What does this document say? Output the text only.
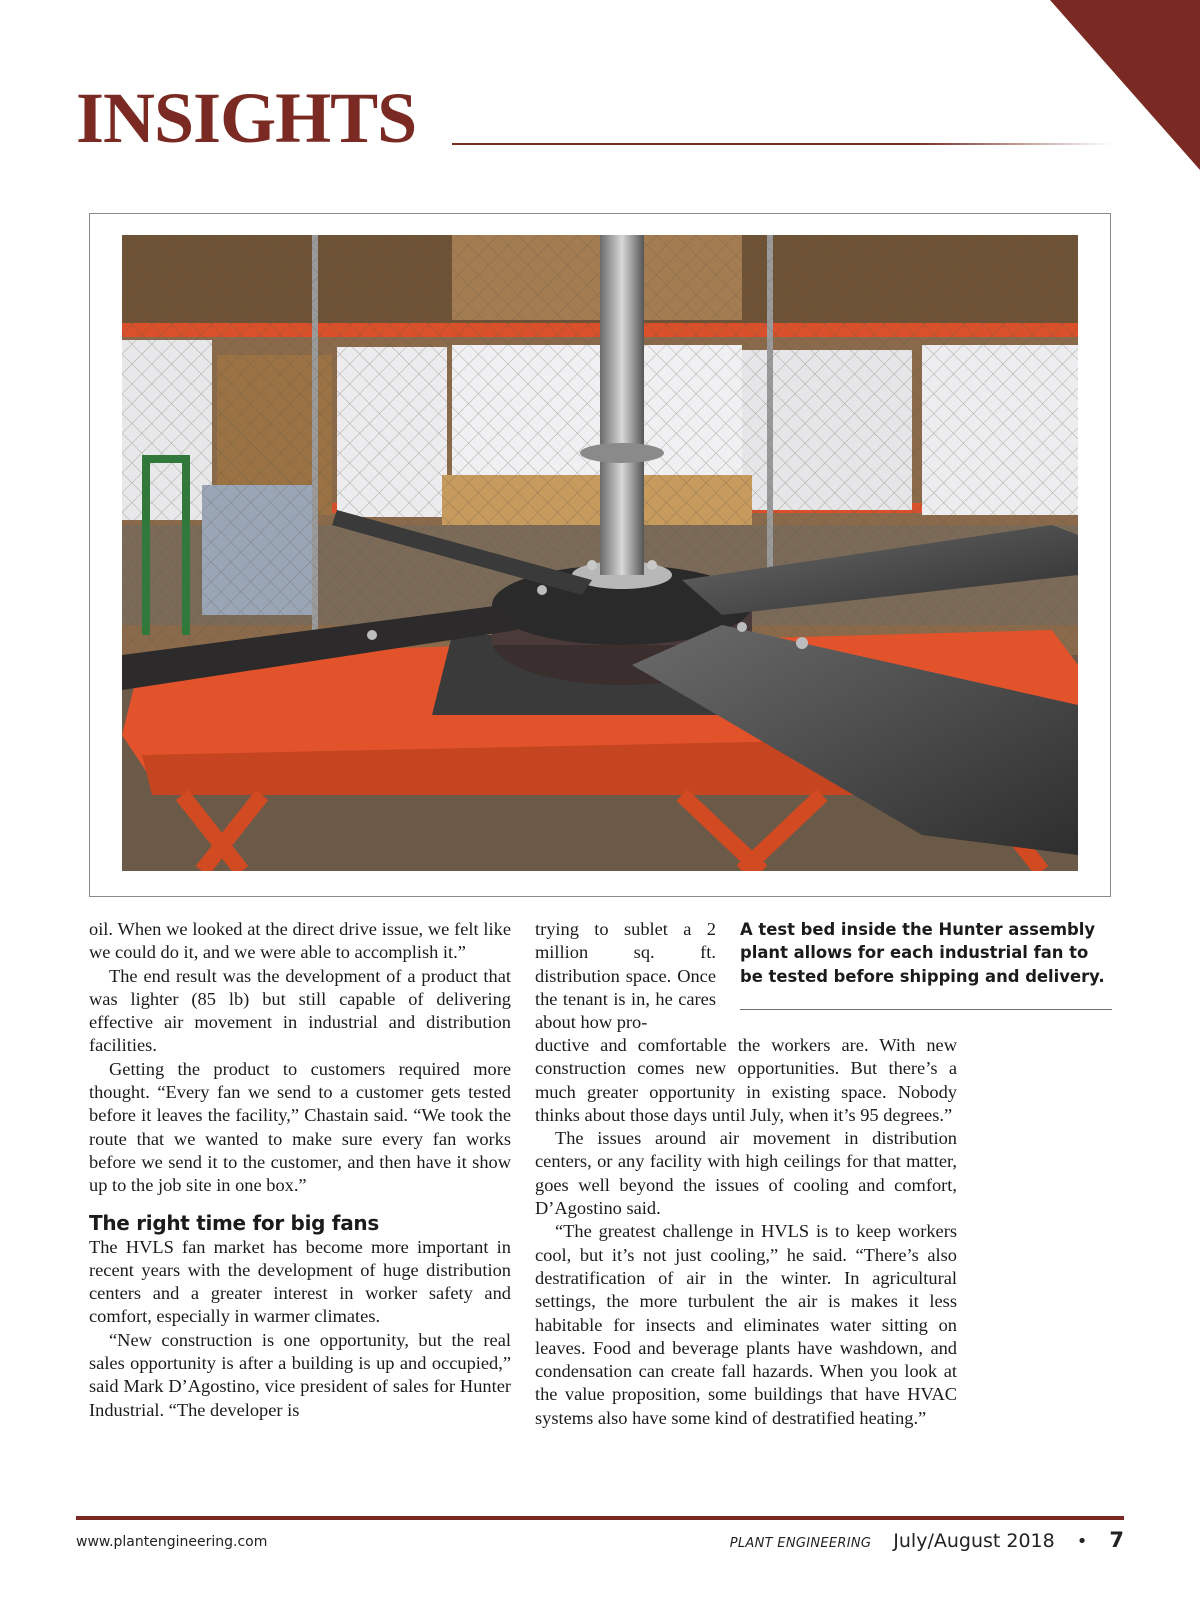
INSIGHTS

oil. When we looked at the direct drive issue, we felt like we could do it, and we were able to accomplish it.”

The end result was the development of a product that was lighter (85 lb) but still capable of delivering effective air movement in industrial and distribution facilities.

Getting the product to customers required more thought. “Every fan we send to a customer gets tested before it leaves the facility,” Chastain said. “We took the route that we wanted to make sure every fan works before we send it to the customer, and then have it show up to the job site in one box.”

The right time for big fans

The HVLS fan market has become more important in recent years with the development of huge distribution centers and a greater interest in worker safety and comfort, especially in warmer climates.

“New construction is one opportunity, but the real sales opportunity is after a building is up and occupied,” said Mark D’Agostino, vice president of sales for Hunter Industrial. “The developer is

trying to sublet a 2 million sq. ft. distribution space. Once the tenant is in, he cares about how pro-

ductive and comfortable the workers are. With new construction comes new opportunities. But there’s a much greater opportunity in existing space. Nobody thinks about those days until July, when it’s 95 degrees.”

The issues around air movement in distribution centers, or any facility with high ceilings for that matter, goes well beyond the issues of cooling and comfort, D’Agostino said.

“The greatest challenge in HVLS is to keep workers cool, but it’s not just cooling,” he said. “There’s also destratification of air in the winter. In agricultural settings, the more turbulent the air is makes it less habitable for insects and eliminates water sitting on leaves. Food and beverage plants have washdown, and condensation can create fall hazards. When you look at the value proposition, some buildings that have HVAC systems also have some kind of destratified heating.”

A test bed inside the Hunter assembly plant allows for each industrial fan to be tested before shipping and delivery.
www.plantengineering.com	PLANT ENGINEERING July/August 2018 • 7
